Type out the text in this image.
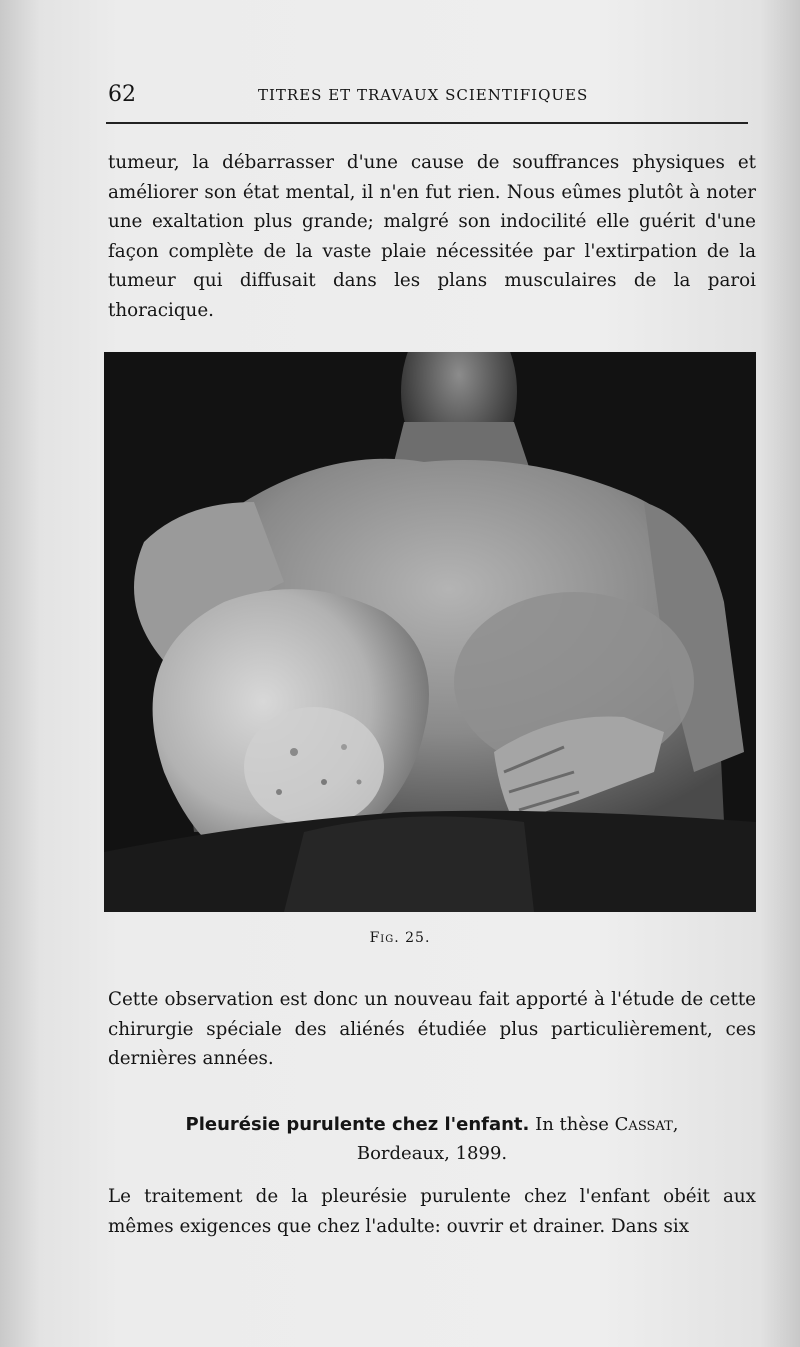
62	TITRES ET TRAVAUX SCIENTIFIQUES
tumeur, la débarrasser d'une cause de souffrances physiques et améliorer son état mental, il n'en fut rien. Nous eûmes plutôt à noter une exaltation plus grande; malgré son indocilité elle guérit d'une façon complète de la vaste plaie nécessitée par l'extirpation de la tumeur qui diffusait dans les plans musculaires de la paroi thoracique.
Fig. 25.
Cette observation est donc un nouveau fait apporté à l'étude de cette chirurgie spéciale des aliénés étudiée plus particulièrement, ces dernières années.
Pleurésie purulente chez l'enfant. In thèse Cassat,
Bordeaux, 1899.
Le traitement de la pleurésie purulente chez l'enfant obéit aux mêmes exigences que chez l'adulte: ouvrir et drainer. Dans six
